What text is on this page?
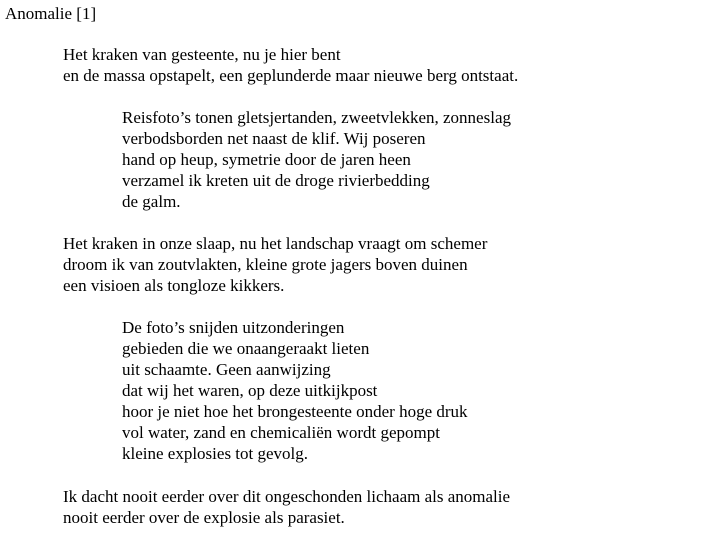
Anomalie [1]
Het kraken van gesteente, nu je hier bent
en de massa opstapelt, een geplunderde maar nieuwe berg ontstaat.
Reisfoto’s tonen gletsjertanden, zweetvlekken, zonneslag
verbodsborden net naast de klif. Wij poseren
hand op heup, symetrie door de jaren heen
verzamel ik kreten uit de droge rivierbedding
de galm.
Het kraken in onze slaap, nu het landschap vraagt om schemer
droom ik van zoutvlakten, kleine grote jagers boven duinen
een visioen als tongloze kikkers.
De foto’s snijden uitzonderingen
gebieden die we onaangeraakt lieten
uit schaamte. Geen aanwijzing
dat wij het waren, op deze uitkijkpost
hoor je niet hoe het brongesteente onder hoge druk
vol water, zand en chemicaliën wordt gepompt
kleine explosies tot gevolg.
Ik dacht nooit eerder over dit ongeschonden lichaam als anomalie
nooit eerder over de explosie als parasiet.
